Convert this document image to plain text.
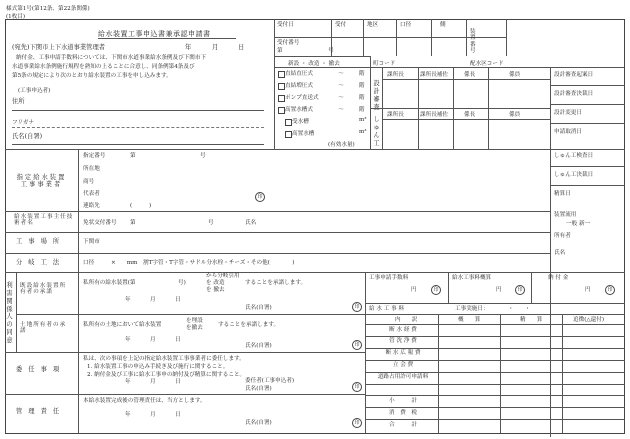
様式第1号(第12条、第22条関係)
(1枚目)
給水装置工事申込書兼承認申請書
(宛先)下関市上下水道事業管理者	年	月	日
納付金、工事申請手数料については、下関市水道事業給水条例及び下関市下
水道事業給水条例施行規程を熟知の上ることに合意し、同条例第4条及び
第5条の規定により次のとおり給水装置の工事を申し込みます。
(工事申込者)
住所
フリガナ
氏名(自署)
受付日	受付	地区	口径	側
装置 番号
受付番号
第	号
新設 ・ 改造 ・ 撤去	町コード	配水区コード
直結直圧式	〜	階
直結増圧式	〜	階
ポンプ直送式	〜	階
高置水槽式	〜	階
受水槽	m³
高置水槽	m³
(有効水量)
設計審査
しゅん工
課所長	課所長補佐	係長	係員
課所長	課所長補佐	係長	係員
設計審査起案日
設計審査決裁日
設計変更日
申請取消日
指定給水装置工事事業者
指定番号	第	号
所在地
商号
代表者
連絡先	(　　　)
印
給水装置工事主任技術者名	免状交付番号 第	号	氏名
工事場所	下関市
分岐工法	口径　　　×　　mm　割T字管・T字管・サドル分水栓・チーズ・その他(　　　　)
しゅん工検査日
しゅん工決裁日
精算日
装置流用
一般 新一
所有者
氏名
利害関係人の同意
既設給水装置所有者の承諾
私所有の給水装置(第	号)
から分岐引用
を 改造
を 撤去
することを承諾します。
年	月	日
氏名(自署)	印
土地所有者の承諾
私所有の土地において給水装置
を埋設
を撤去	することを承諾します。
年	月	日
氏名(自署)	印
委任事項
私は、次の事項を上記の指定給水装置工事事業者に委任します。
1. 給水装置工事の申込み手続き及び施行に関すること。
2. 納付金及び工事に給水工事申の納付及び精算に関すること。
年	月	日	委任者(工事申込者)
氏名(自署)	印
管理責任
本給水装置完成後の管理責任は、当方とします。
年	月	日
氏名(自署)	印
工事申請手数料
円	印
給水工事料概算
円	印
納 付 金
円	印
給 水 工 事 料	工事実施日：	・　　・
内　　訳	概　　算	精　　算	追徴(△還付)
断 水 経 費
管 洗 浄 費
断 水 広 報 費
立 会 費
道路占用許可申請料
小　　　計
消　費　税
合　　　計
